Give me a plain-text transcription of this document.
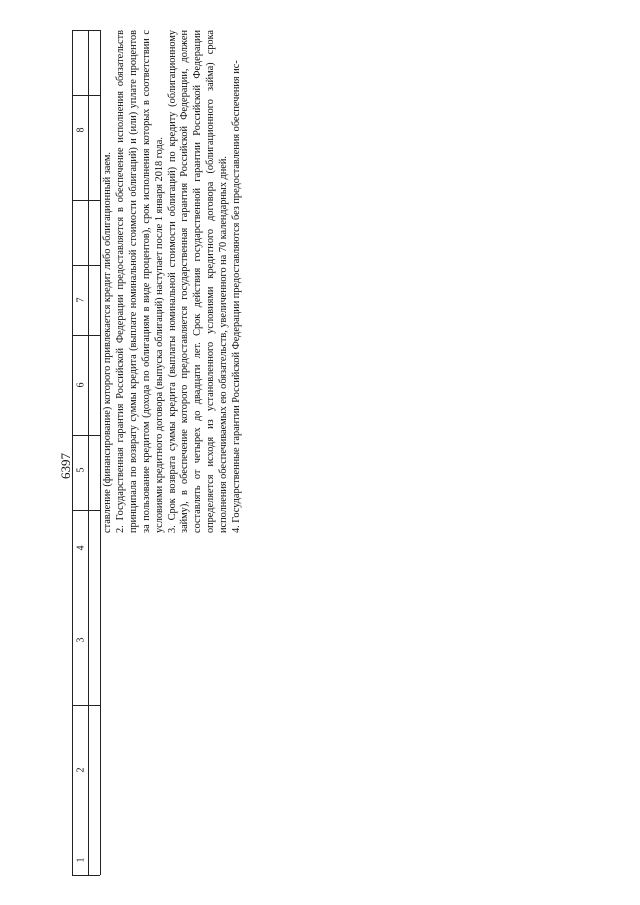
6397
8
7
6
5
4
3
2
1

ставление (финансирование) которого привлекается кредит либо облигационный заем. 2. Государственная гарантия Российской Федерации предоставляется в обеспечение исполнения обязательств принципала по возврату суммы кредита (выплате номинальной стоимости облигаций) и (или) уплате процентов за пользование кредитом (дохода по облигациям в виде процентов), срок исполнения которых в соответствии с условиями кредитного договора (выпуска облигаций) наступает после 1 января 2018 года. 3. Срок возврата суммы кредита (выплаты номинальной стоимости облигаций) по кредиту (облигационному займу), в обеспечение которого предоставляется государственная гарантия Российской Федерации, должен составлять от четырех до двадцати лет. Срок действия государственной гарантии Российской Федерации определяется исходя из установленного условиями кредитного договора (облигационного займа) срока исполнения обеспечиваемых ею обязательств, увеличенного на 70 календарных дней. 4. Государственные гарантии Российской Федерации предоставляются без предоставления обеспечения ис-
